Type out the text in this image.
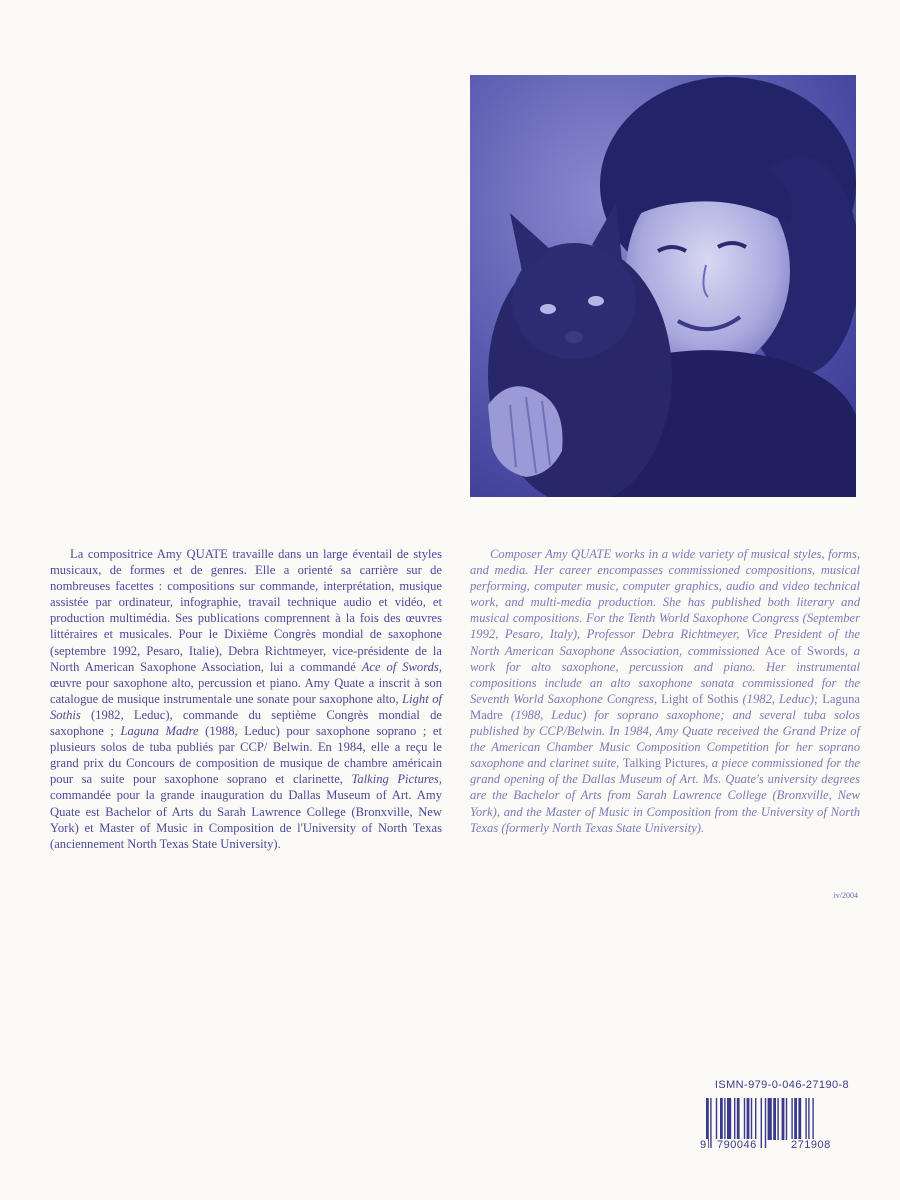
La compositrice Amy QUATE travaille dans un large éventail de styles musicaux, de formes et de genres. Elle a orienté sa carrière sur de nombreuses facettes : compositions sur commande, interprétation, musique assistée par ordinateur, infographie, travail technique audio et vidéo, et production multimédia. Ses publications comprennent à la fois des œuvres littéraires et musicales. Pour le Dixième Congrès mondial de saxophone (septembre 1992, Pesaro, Italie), Debra Richtmeyer, vice-présidente de la North American Saxophone Association, lui a commandé Ace of Swords, œuvre pour saxophone alto, percussion et piano. Amy Quate a inscrit à son catalogue de musique instrumentale une sonate pour saxophone alto, Light of Sothis (1982, Leduc), commande du septième Congrès mondial de saxophone ; Laguna Madre (1988, Leduc) pour saxophone soprano ; et plusieurs solos de tuba publiés par CCP/ Belwin. En 1984, elle a reçu le grand prix du Concours de composition de musique de chambre américain pour sa suite pour saxophone soprano et clarinette, Talking Pictures, commandée pour la grande inauguration du Dallas Museum of Art. Amy Quate est Bachelor of Arts du Sarah Lawrence College (Bronxville, New York) et Master of Music in Composition de l'University of North Texas (anciennement North Texas State University).

Composer Amy QUATE works in a wide variety of musical styles, forms, and media. Her career encompasses commissioned compositions, musical performing, computer music, computer graphics, audio and video technical work, and multi-media production. She has published both literary and musical compositions. For the Tenth World Saxophone Congress (September 1992, Pesaro, Italy), Professor Debra Richtmeyer, Vice President of the North American Saxophone Association, commissioned Ace of Swords, a work for alto saxophone, percussion and piano. Her instrumental compositions include an alto saxophone sonata commissioned for the Seventh World Saxophone Congress, Light of Sothis (1982, Leduc); Laguna Madre (1988, Leduc) for soprano saxophone; and several tuba solos published by CCP/Belwin. In 1984, Amy Quate received the Grand Prize of the American Chamber Music Composition Competition for her soprano saxophone and clarinet suite, Talking Pictures, a piece commissioned for the grand opening of the Dallas Museum of Art. Ms. Quate's university degrees are the Bachelor of Arts from Sarah Lawrence College (Bronxville, New York), and the Master of Music in Composition from the University of North Texas (formerly North Texas State University).

iv/2004
ISMN-979-0-046-27190-8
9 790046	271908
